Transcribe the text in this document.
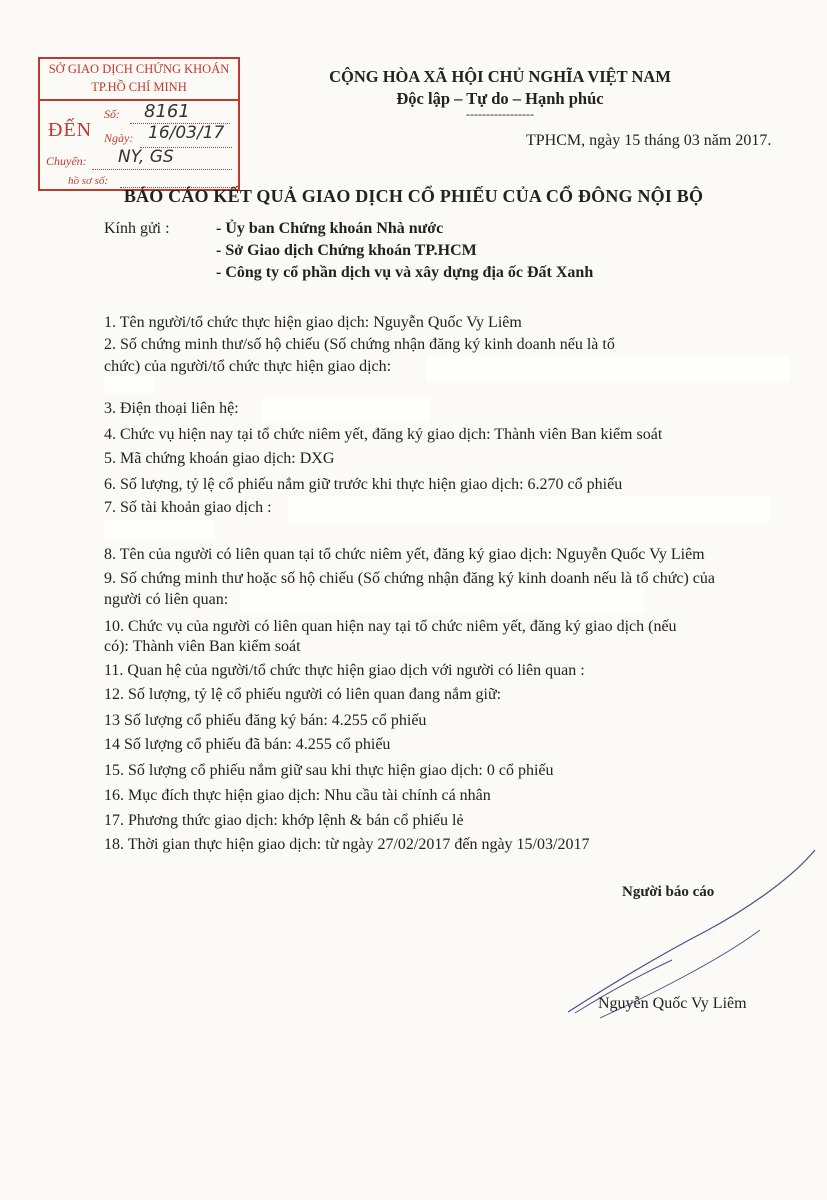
SỞ GIAO DỊCH CHỨNG KHOÁN
TP.HỒ CHÍ MINH
ĐẾN
Số: 8161
Ngày: 16/03/17
Chuyển: NY, GS
hồ sơ số:
CỘNG HÒA XÃ HỘI CHỦ NGHĨA VIỆT NAM
Độc lập – Tự do – Hạnh phúc
-----------------
TPHCM, ngày 15 tháng 03 năm 2017.
BÁO CÁO KẾT QUẢ GIAO DỊCH CỔ PHIẾU CỦA CỔ ĐÔNG NỘI BỘ
Kính gửi :	- Ủy ban Chứng khoán Nhà nước
- Sở Giao dịch Chứng khoán TP.HCM
- Công ty cổ phần dịch vụ và xây dựng địa ốc Đất Xanh
1. Tên người/tổ chức thực hiện giao dịch: Nguyễn Quốc Vy Liêm
2. Số chứng minh thư/số hộ chiếu (Số chứng nhận đăng ký kinh doanh nếu là tổ
chức) của người/tổ chức thực hiện giao dịch:
3. Điện thoại liên hệ:
4. Chức vụ hiện nay tại tổ chức niêm yết, đăng ký giao dịch: Thành viên Ban kiểm soát
5. Mã chứng khoán giao dịch: DXG
6. Số lượng, tỷ lệ cổ phiếu nắm giữ trước khi thực hiện giao dịch: 6.270 cổ phiếu
7. Số tài khoản giao dịch :
8. Tên của người có liên quan tại tổ chức niêm yết, đăng ký giao dịch: Nguyễn Quốc Vy Liêm
9. Số chứng minh thư hoặc số hộ chiếu (Số chứng nhận đăng ký kinh doanh nếu là tổ chức) của
người có liên quan:
10. Chức vụ của người có liên quan hiện nay tại tổ chức niêm yết, đăng ký giao dịch (nếu
có): Thành viên Ban kiểm soát
11. Quan hệ của người/tổ chức thực hiện giao dịch với người có liên quan :
12. Số lượng, tỷ lệ cổ phiếu người có liên quan đang nắm giữ:
13 Số lượng cổ phiếu đăng ký bán: 4.255 cổ phiếu
14 Số lượng cổ phiếu đã bán: 4.255 cổ phiếu
15. Số lượng cổ phiếu nắm giữ sau khi thực hiện giao dịch: 0 cổ phiếu
16. Mục đích thực hiện giao dịch: Nhu cầu tài chính cá nhân
17. Phương thức giao dịch: khớp lệnh & bán cổ phiếu lẻ
18. Thời gian thực hiện giao dịch: từ ngày 27/02/2017 đến ngày 15/03/2017
Người báo cáo
Nguyễn Quốc Vy Liêm
